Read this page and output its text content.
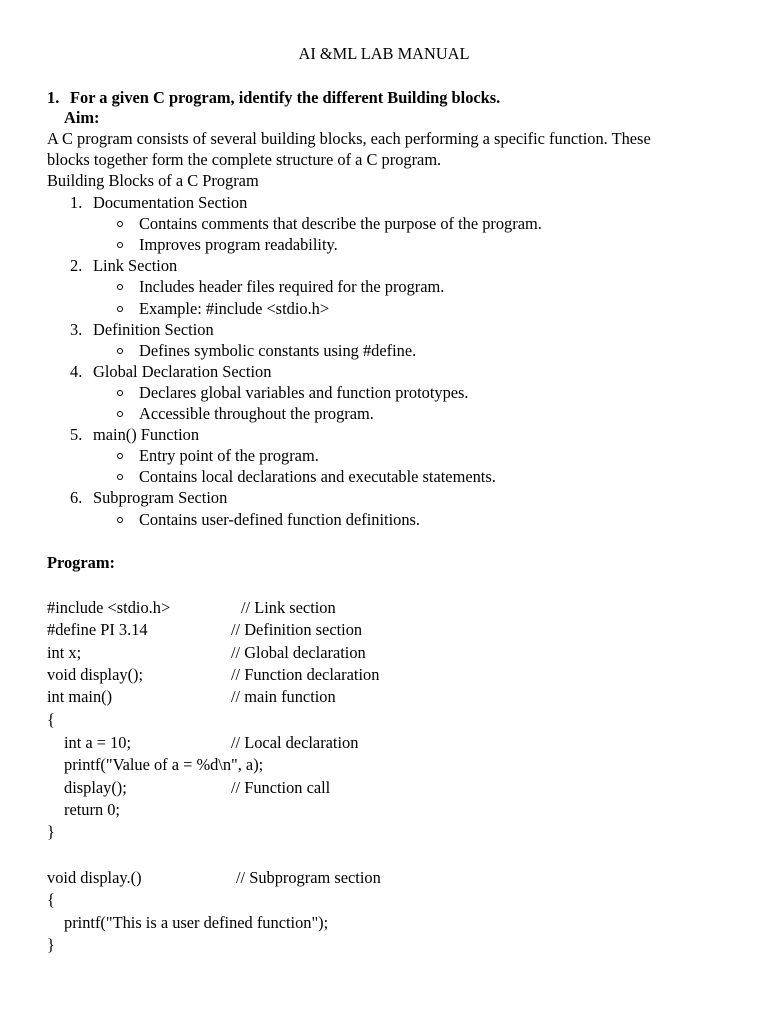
AI &ML LAB MANUAL
1. For a given C program, identify the different Building blocks.
Aim:
A C program consists of several building blocks, each performing a specific function. These
blocks together form the complete structure of a C program.
Building Blocks of a C Program
1. Documentation Section
Contains comments that describe the purpose of the program.
Improves program readability.
2. Link Section
Includes header files required for the program.
Example: #include <stdio.h>
3. Definition Section
Defines symbolic constants using #define.
4. Global Declaration Section
Declares global variables and function prototypes.
Accessible throughout the program.
5. main() Function
Entry point of the program.
Contains local declarations and executable statements.
6. Subprogram Section
Contains user-defined function definitions.
Program:
#include <stdio.h>	// Link section
#define PI 3.14	// Definition section
int x;	// Global declaration
void display();	// Function declaration
int main()	// main function
{
int a = 10;	// Local declaration
printf("Value of a = %d\n", a);
display();	// Function call
return 0;
}
void display.()	// Subprogram section
{
printf("This is a user defined function");
}
